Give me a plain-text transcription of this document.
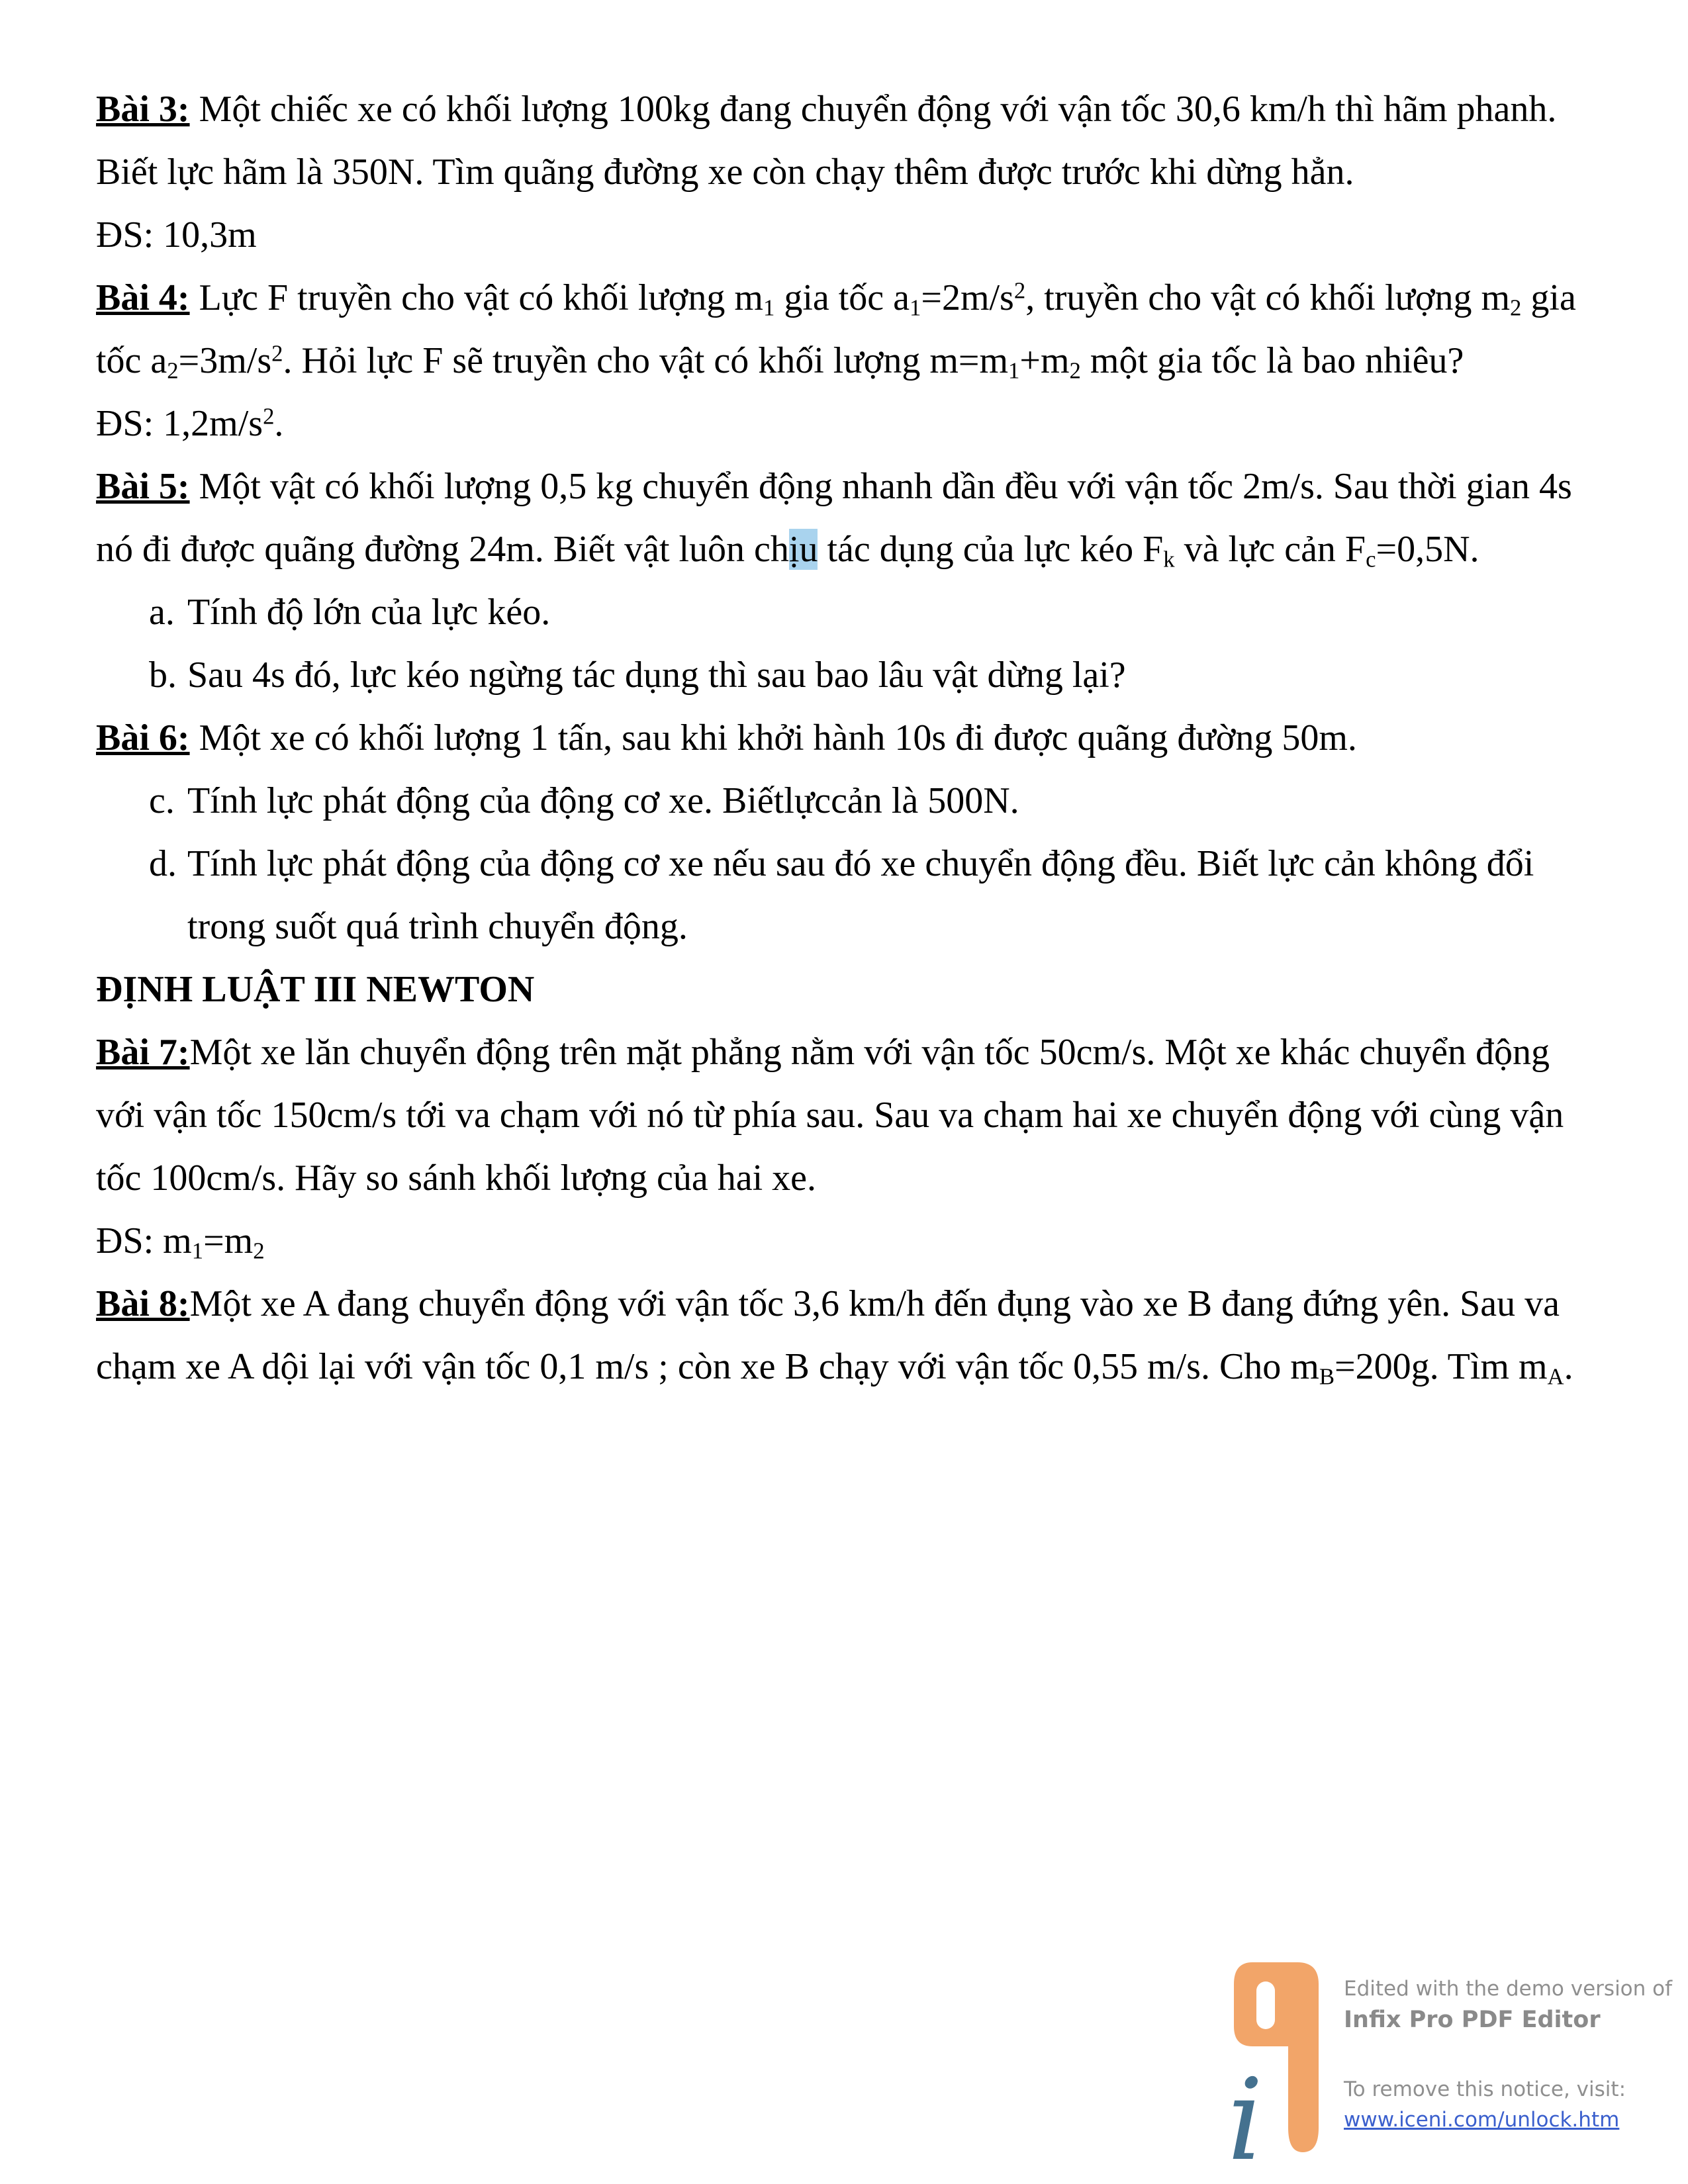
Bài 3: Một chiếc xe có khối lượng 100kg đang chuyển động với vận tốc 30,6 km/h thì hãm phanh. Biết lực hãm là 350N. Tìm quãng đường xe còn chạy thêm được trước khi dừng hẳn.
ĐS: 10,3m
Bài 4: Lực F truyền cho vật có khối lượng $m_1$ gia tốc $a_1=2m/s^2$, truyền cho vật có khối lượng $m_2$ gia tốc $a_2=3m/s^2$. Hỏi lực F sẽ truyền cho vật có khối lượng $m=m_1+m_2$ một gia tốc là bao nhiêu?
ĐS: $1,2m/s^2$.
Bài 5: Một vật có khối lượng 0,5 kg chuyển động nhanh dần đều với vận tốc 2m/s. Sau thời gian 4s nó đi được quãng đường 24m. Biết vật luôn chịu tác dụng của lực kéo $F_k$ và lực cản $F_c=0,5N$.
a. Tính độ lớn của lực kéo.
b. Sau 4s đó, lực kéo ngừng tác dụng thì sau bao lâu vật dừng lại?
Bài 6: Một xe có khối lượng 1 tấn, sau khi khởi hành 10s đi được quãng đường 50m.
c. Tính lực phát động của động cơ xe. Biếtlựccản là 500N.
d. Tính lực phát động của động cơ xe nếu sau đó xe chuyển động đều. Biết lực cản không đổi trong suốt quá trình chuyển động.
ĐỊNH LUẬT III NEWTON
Bài 7:Một xe lăn chuyển động trên mặt phẳng nằm với vận tốc 50cm/s. Một xe khác chuyển động với vận tốc 150cm/s tới va chạm với nó từ phía sau. Sau va chạm hai xe chuyển động với cùng vận tốc 100cm/s. Hãy so sánh khối lượng của hai xe.
ĐS: $m_1=m_2$
Bài 8:Một xe A đang chuyển động với vận tốc 3,6 km/h đến đụng vào xe B đang đứng yên. Sau va chạm xe A dội lại với vận tốc 0,1 m/s ; còn xe B chạy với vận tốc 0,55 m/s. Cho $m_B=200g$. Tìm $m_A$.
i
Edited with the demo version of
Infix Pro PDF Editor
To remove this notice, visit:
www.iceni.com/unlock.htm
